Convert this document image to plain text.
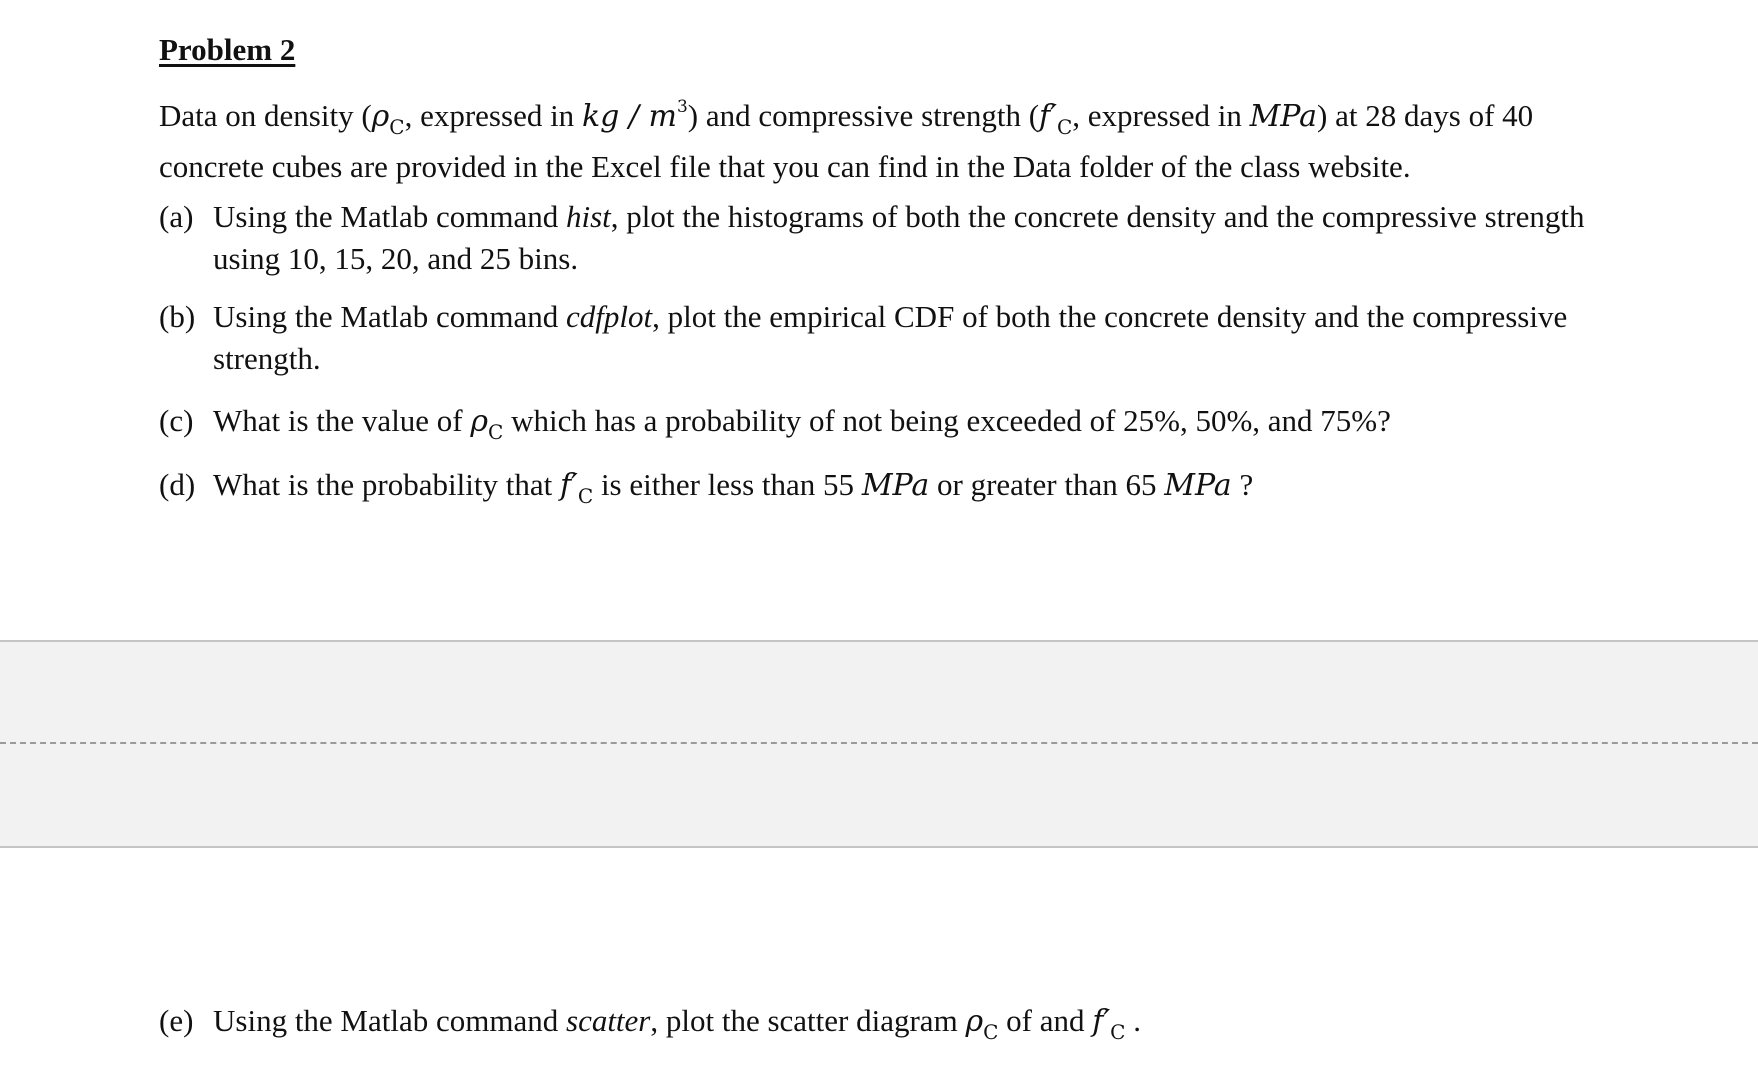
Problem 2
Data on density ($\rho_C$, expressed in kg / $m^3$) and compressive strength ($f'_C$, expressed in MPa) at 28 days of 40
concrete cubes are provided in the Excel file that you can find in the Data folder of the class website.
(a) Using the Matlab command hist, plot the histograms of both the concrete density and the compressive strength
using 10, 15, 20, and 25 bins.
(b) Using the Matlab command cdfplot, plot the empirical CDF of both the concrete density and the compressive
strength.
(c) What is the value of $\rho_C$ which has a probability of not being exceeded of 25%, 50%, and 75%?
(d) What is the probability that $f'_C$ is either less than 55 MPa or greater than 65 MPa ?
(e) Using the Matlab command scatter, plot the scatter diagram $\rho_C$ of and $f'_C$ .
